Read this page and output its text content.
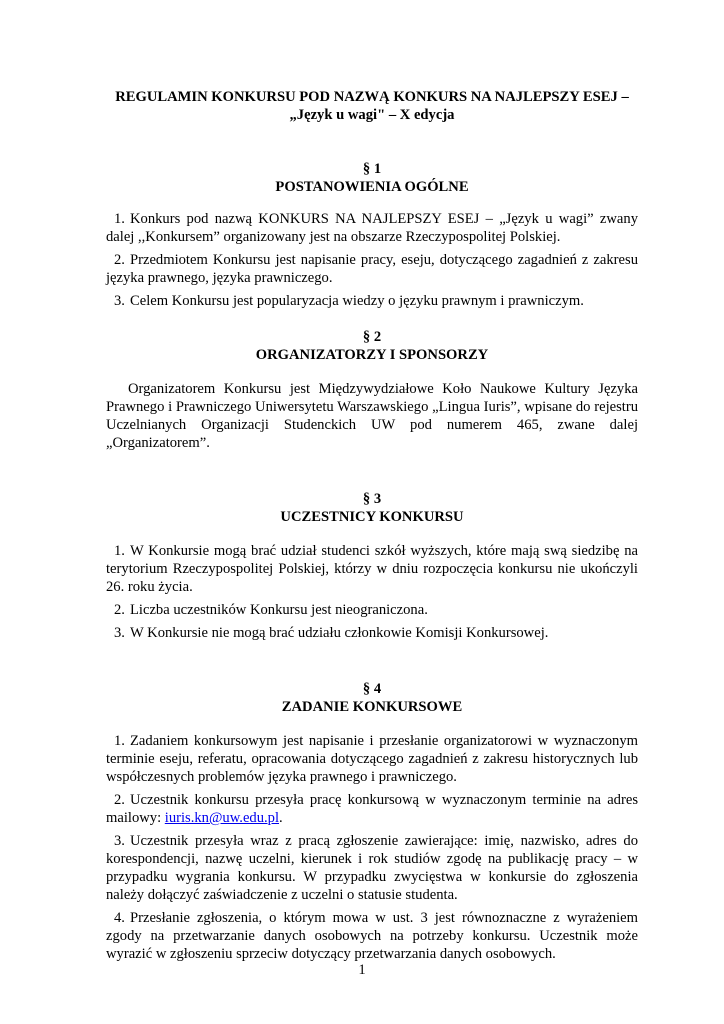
REGULAMIN KONKURSU POD NAZWĄ KONKURS NA NAJLEPSZY ESEJ –

„Język u wagi" – X edycja

§ 1

POSTANOWIENIA OGÓLNE

1. Konkurs pod nazwą KONKURS NA NAJLEPSZY ESEJ – „Język u wagi” zwany dalej ,,Konkursem” organizowany jest na obszarze Rzeczypospolitej Polskiej.

2. Przedmiotem Konkursu jest napisanie pracy, eseju, dotyczącego zagadnień z zakresu języka prawnego, języka prawniczego.

3. Celem Konkursu jest popularyzacja wiedzy o języku prawnym i prawniczym.

§ 2

ORGANIZATORZY I SPONSORZY

Organizatorem Konkursu jest Międzywydziałowe Koło Naukowe Kultury Języka Prawnego i Prawniczego Uniwersytetu Warszawskiego „Lingua Iuris”, wpisane do rejestru Uczelnianych Organizacji Studenckich UW pod numerem 465, zwane dalej „Organizatorem”.

§ 3

UCZESTNICY KONKURSU

1. W Konkursie mogą brać udział studenci szkół wyższych, które mają swą siedzibę na terytorium Rzeczypospolitej Polskiej, którzy w dniu rozpoczęcia konkursu nie ukończyli 26. roku życia.

2. Liczba uczestników Konkursu jest nieograniczona.

3. W Konkursie nie mogą brać udziału członkowie Komisji Konkursowej.

§ 4

ZADANIE KONKURSOWE

1. Zadaniem konkursowym jest napisanie i przesłanie organizatorowi w wyznaczonym terminie eseju, referatu, opracowania dotyczącego zagadnień z zakresu historycznych lub współczesnych problemów języka prawnego i prawniczego.

2. Uczestnik konkursu przesyła pracę konkursową w wyznaczonym terminie na adres mailowy: iuris.kn@uw.edu.pl.

3. Uczestnik przesyła wraz z pracą zgłoszenie zawierające: imię, nazwisko, adres do korespondencji, nazwę uczelni, kierunek i rok studiów zgodę na publikację pracy – w przypadku wygrania konkursu. W przypadku zwycięstwa w konkursie do zgłoszenia należy dołączyć zaświadczenie z uczelni o statusie studenta.

4. Przesłanie zgłoszenia, o którym mowa w ust. 3 jest równoznaczne z wyrażeniem zgody na przetwarzanie danych osobowych na potrzeby konkursu. Uczestnik może wyrazić w zgłoszeniu sprzeciw dotyczący przetwarzania danych osobowych.

1
